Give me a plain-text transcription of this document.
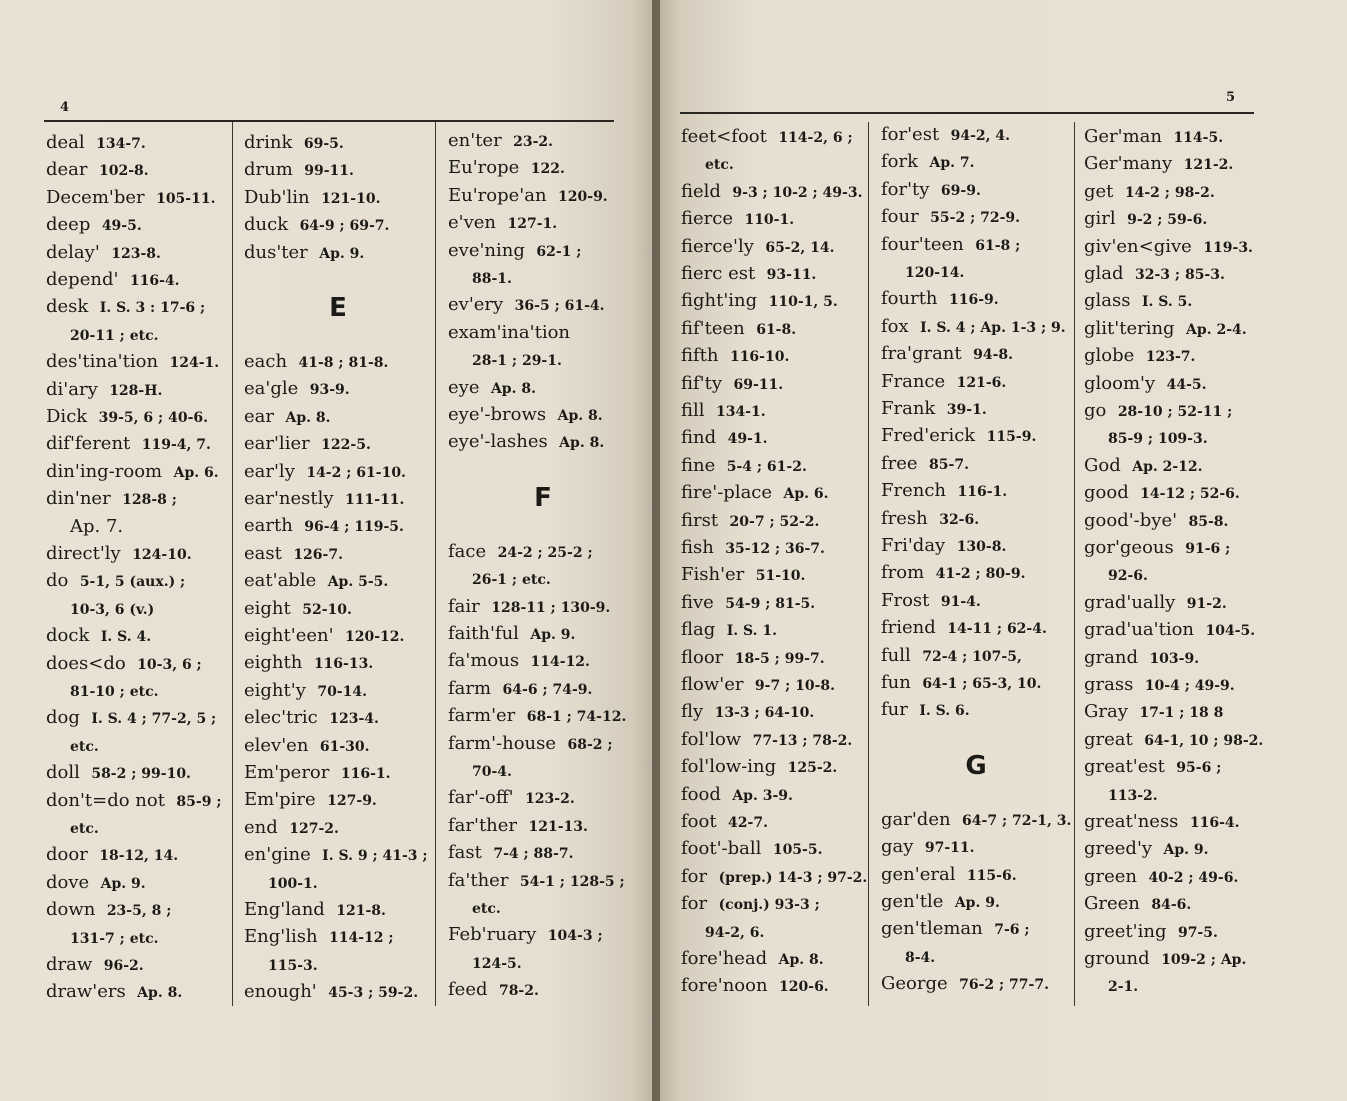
4
deal 134-7.
dear 102-8.
Decem'ber 105-11.
deep 49-5.
delay' 123-8.
depend' 116-4.
desk I. S. 3 : 17-6 ;
20-11 ; etc.
des'tina'tion 124-1.
di'ary 128-H.
Dick 39-5, 6 ; 40-6.
dif'ferent 119-4, 7.
din'ing-room Ap. 6.
din'ner 128-8 ;
Ap. 7.
direct'ly 124-10.
do 5-1, 5 (aux.) ;
10-3, 6 (v.)
dock I. S. 4.
does<do 10-3, 6 ;
81-10 ; etc.
dog I. S. 4 ; 77-2, 5 ;
etc.
doll 58-2 ; 99-10.
don't=do not 85-9 ;
etc.
door 18-12, 14.
dove Ap. 9.
down 23-5, 8 ;
131-7 ; etc.
draw 96-2.
draw'ers Ap. 8.
drink 69-5.
drum 99-11.
Dub'lin 121-10.
duck 64-9 ; 69-7.
dus'ter Ap. 9.
E
each 41-8 ; 81-8.
ea'gle 93-9.
ear Ap. 8.
ear'lier 122-5.
ear'ly 14-2 ; 61-10.
ear'nestly 111-11.
earth 96-4 ; 119-5.
east 126-7.
eat'able Ap. 5-5.
eight 52-10.
eight'een' 120-12.
eighth 116-13.
eight'y 70-14.
elec'tric 123-4.
elev'en 61-30.
Em'peror 116-1.
Em'pire 127-9.
end 127-2.
en'gine I. S. 9 ; 41-3 ;
100-1.
Eng'land 121-8.
Eng'lish 114-12 ;
115-3.
enough' 45-3 ; 59-2.
en'ter 23-2.
Eu'rope 122.
Eu'rope'an 120-9.
e'ven 127-1.
eve'ning 62-1 ;
88-1.
ev'ery 36-5 ; 61-4.
exam'ina'tion
28-1 ; 29-1.
eye Ap. 8.
eye'-brows Ap. 8.
eye'-lashes Ap. 8.
F
face 24-2 ; 25-2 ;
26-1 ; etc.
fair 128-11 ; 130-9.
faith'ful Ap. 9.
fa'mous 114-12.
farm 64-6 ; 74-9.
farm'er 68-1 ; 74-12.
farm'-house 68-2 ;
70-4.
far'-off' 123-2.
far'ther 121-13.
fast 7-4 ; 88-7.
fa'ther 54-1 ; 128-5 ;
etc.
Feb'ruary 104-3 ;
124-5.
feed 78-2.
5
feet<foot 114-2, 6 ;
etc.
field 9-3 ; 10-2 ; 49-3.
fierce 110-1.
fierce'ly 65-2, 14.
fierc est 93-11.
fight'ing 110-1, 5.
fif'teen 61-8.
fifth 116-10.
fif'ty 69-11.
fill 134-1.
find 49-1.
fine 5-4 ; 61-2.
fire'-place Ap. 6.
first 20-7 ; 52-2.
fish 35-12 ; 36-7.
Fish'er 51-10.
five 54-9 ; 81-5.
flag I. S. 1.
floor 18-5 ; 99-7.
flow'er 9-7 ; 10-8.
fly 13-3 ; 64-10.
fol'low 77-13 ; 78-2.
fol'low-ing 125-2.
food Ap. 3-9.
foot 42-7.
foot'-ball 105-5.
for (prep.) 14-3 ; 97-2.
for (conj.) 93-3 ;
94-2, 6.
fore'head Ap. 8.
fore'noon 120-6.
for'est 94-2, 4.
fork Ap. 7.
for'ty 69-9.
four 55-2 ; 72-9.
four'teen 61-8 ;
120-14.
fourth 116-9.
fox I. S. 4 ; Ap. 1-3 ; 9.
fra'grant 94-8.
France 121-6.
Frank 39-1.
Fred'erick 115-9.
free 85-7.
French 116-1.
fresh 32-6.
Fri'day 130-8.
from 41-2 ; 80-9.
Frost 91-4.
friend 14-11 ; 62-4.
full 72-4 ; 107-5,
fun 64-1 ; 65-3, 10.
fur I. S. 6.
G
gar'den 64-7 ; 72-1, 3.
gay 97-11.
gen'eral 115-6.
gen'tle Ap. 9.
gen'tleman 7-6 ;
8-4.
George 76-2 ; 77-7.
Ger'man 114-5.
Ger'many 121-2.
get 14-2 ; 98-2.
girl 9-2 ; 59-6.
giv'en<give 119-3.
glad 32-3 ; 85-3.
glass I. S. 5.
glit'tering Ap. 2-4.
globe 123-7.
gloom'y 44-5.
go 28-10 ; 52-11 ;
85-9 ; 109-3.
God Ap. 2-12.
good 14-12 ; 52-6.
good'-bye' 85-8.
gor'geous 91-6 ;
92-6.
grad'ually 91-2.
grad'ua'tion 104-5.
grand 103-9.
grass 10-4 ; 49-9.
Gray 17-1 ; 18 8
great 64-1, 10 ; 98-2.
great'est 95-6 ;
113-2.
great'ness 116-4.
greed'y Ap. 9.
green 40-2 ; 49-6.
Green 84-6.
greet'ing 97-5.
ground 109-2 ; Ap.
2-1.
